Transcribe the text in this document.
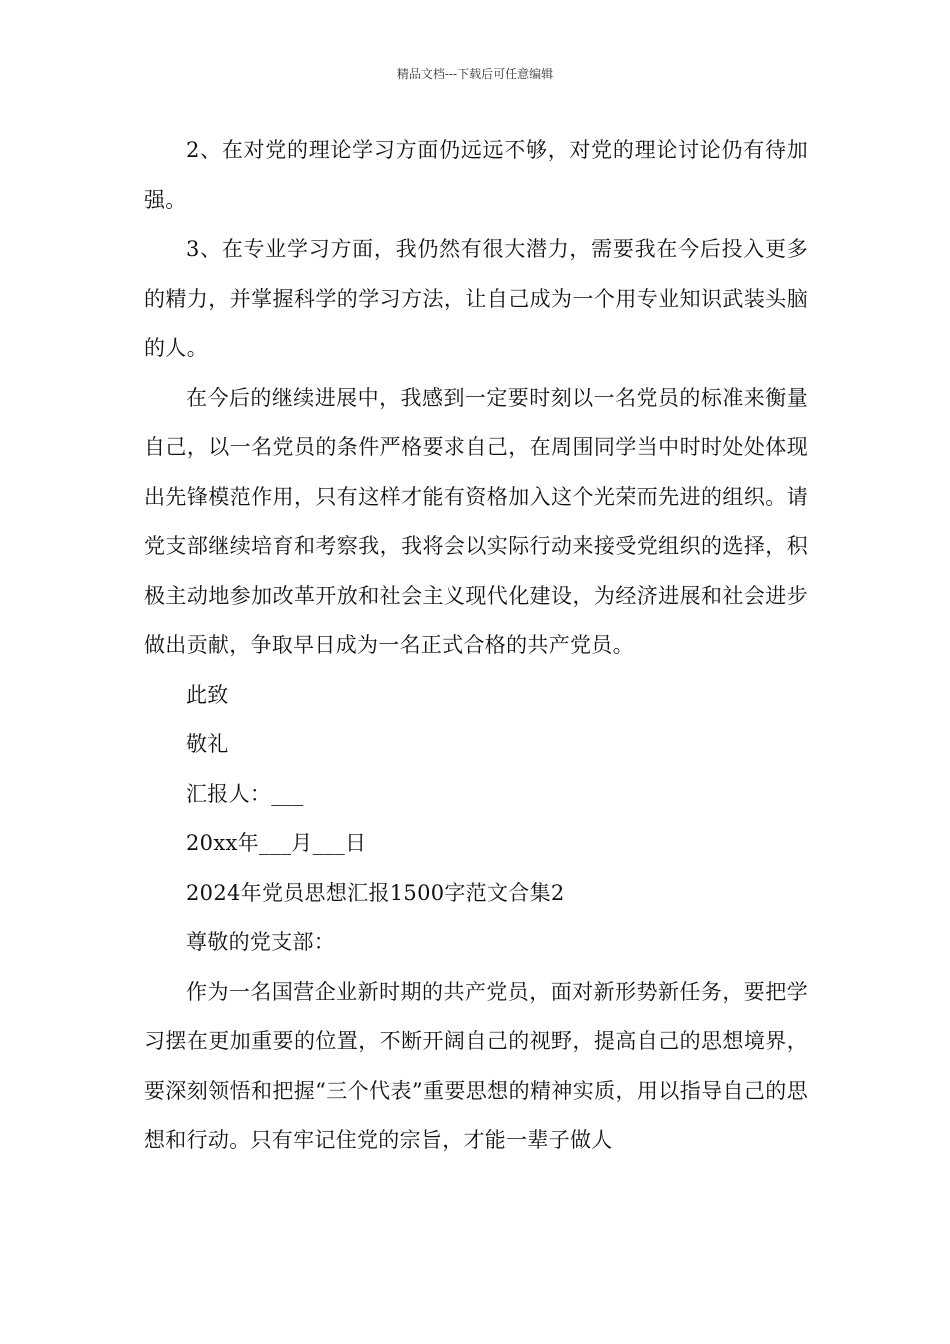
精品文档---下载后可任意编辑

2、在对党的理论学习方面仍远远不够，对党的理论讨论仍有待加强。

3、在专业学习方面，我仍然有很大潜力，需要我在今后投入更多的精力，并掌握科学的学习方法，让自己成为一个用专业知识武装头脑的人。

在今后的继续进展中，我感到一定要时刻以一名党员的标准来衡量自己，以一名党员的条件严格要求自己，在周围同学当中时时处处体现出先锋模范作用，只有这样才能有资格加入这个光荣而先进的组织。请党支部继续培育和考察我，我将会以实际行动来接受党组织的选择，积极主动地参加改革开放和社会主义现代化建设，为经济进展和社会进步做出贡献，争取早日成为一名正式合格的共产党员。

此致

敬礼

汇报人：___

20xx年___月___日

2024年党员思想汇报1500字范文合集2

尊敬的党支部：

作为一名国营企业新时期的共产党员，面对新形势新任务，要把学习摆在更加重要的位置，不断开阔自己的视野，提高自己的思想境界，要深刻领悟和把握“三个代表”重要思想的精神实质，用以指导自己的思想和行动。只有牢记住党的宗旨，才能一辈子做人
